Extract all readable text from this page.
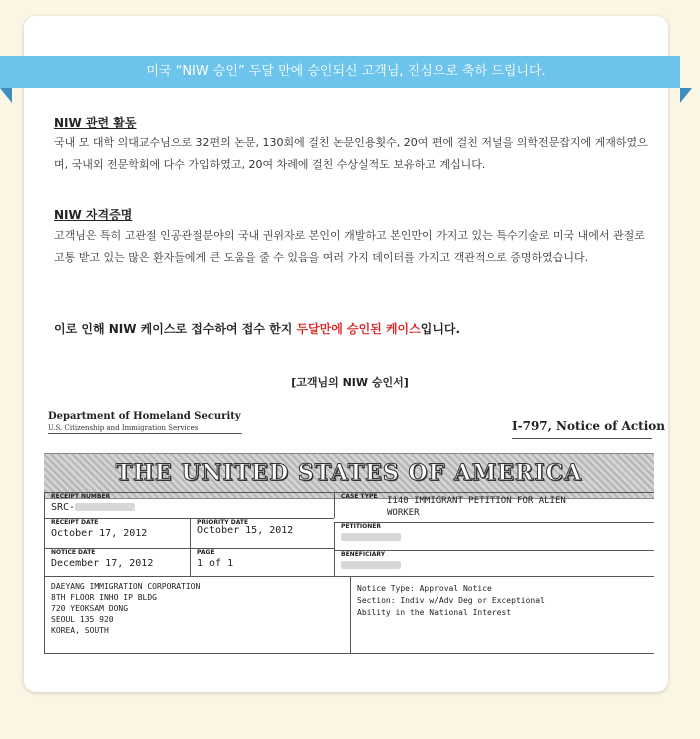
미국 “NIW 승인” 두달 만에 승인되신 고객님, 진심으로 축하 드립니다.
NIW 관련 활동
국내 모 대학 의대교수님으로 32편의 논문, 130회에 걸친 논문인용횟수, 20여 편에 걸친 저널을 의학전문잡지에 게재하였으며, 국내외 전문학회에 다수 가입하였고, 20여 차례에 걸친 수상실적도 보유하고 계십니다.
NIW 자격증명
고객님은 특히 고관절 인공관절분야의 국내 권위자로 본인이 개발하고 본인만이 가지고 있는 특수기술로 미국 내에서 관절로 고통 받고 있는 많은 환자들에게 큰 도움을 줄 수 있음을 여러 가지 데이터를 가지고 객관적으로 증명하였습니다.
이로 인해 NIW 케이스로 접수하여 접수 한지 두달만에 승인된 케이스입니다.
[고객님의 NIW 승인서]
Department of Homeland Security
U.S. Citizenship and Immigration Services	I-797, Notice of Action
THE UNITED STATES OF AMERICA
RECEIPT NUMBER
SRC-
CASE TYPE I140 IMMIGRANT PETITION FOR ALIEN
WORKER
RECEIPT DATE
October 17, 2012
PRIORITY DATE
October 15, 2012	PETITIONER
NOTICE DATE
December 17, 2012
PAGE
1 of 1
BENEFICIARY
DAEYANG IMMIGRATION CORPORATION
8TH FLOOR INHO IP BLDG
720 YEOKSAM DONG
SEOUL 135 920
KOREA, SOUTH
Notice Type: Approval Notice
Section: Indiv w/Adv Deg or Exceptional
Ability in the National Interest
